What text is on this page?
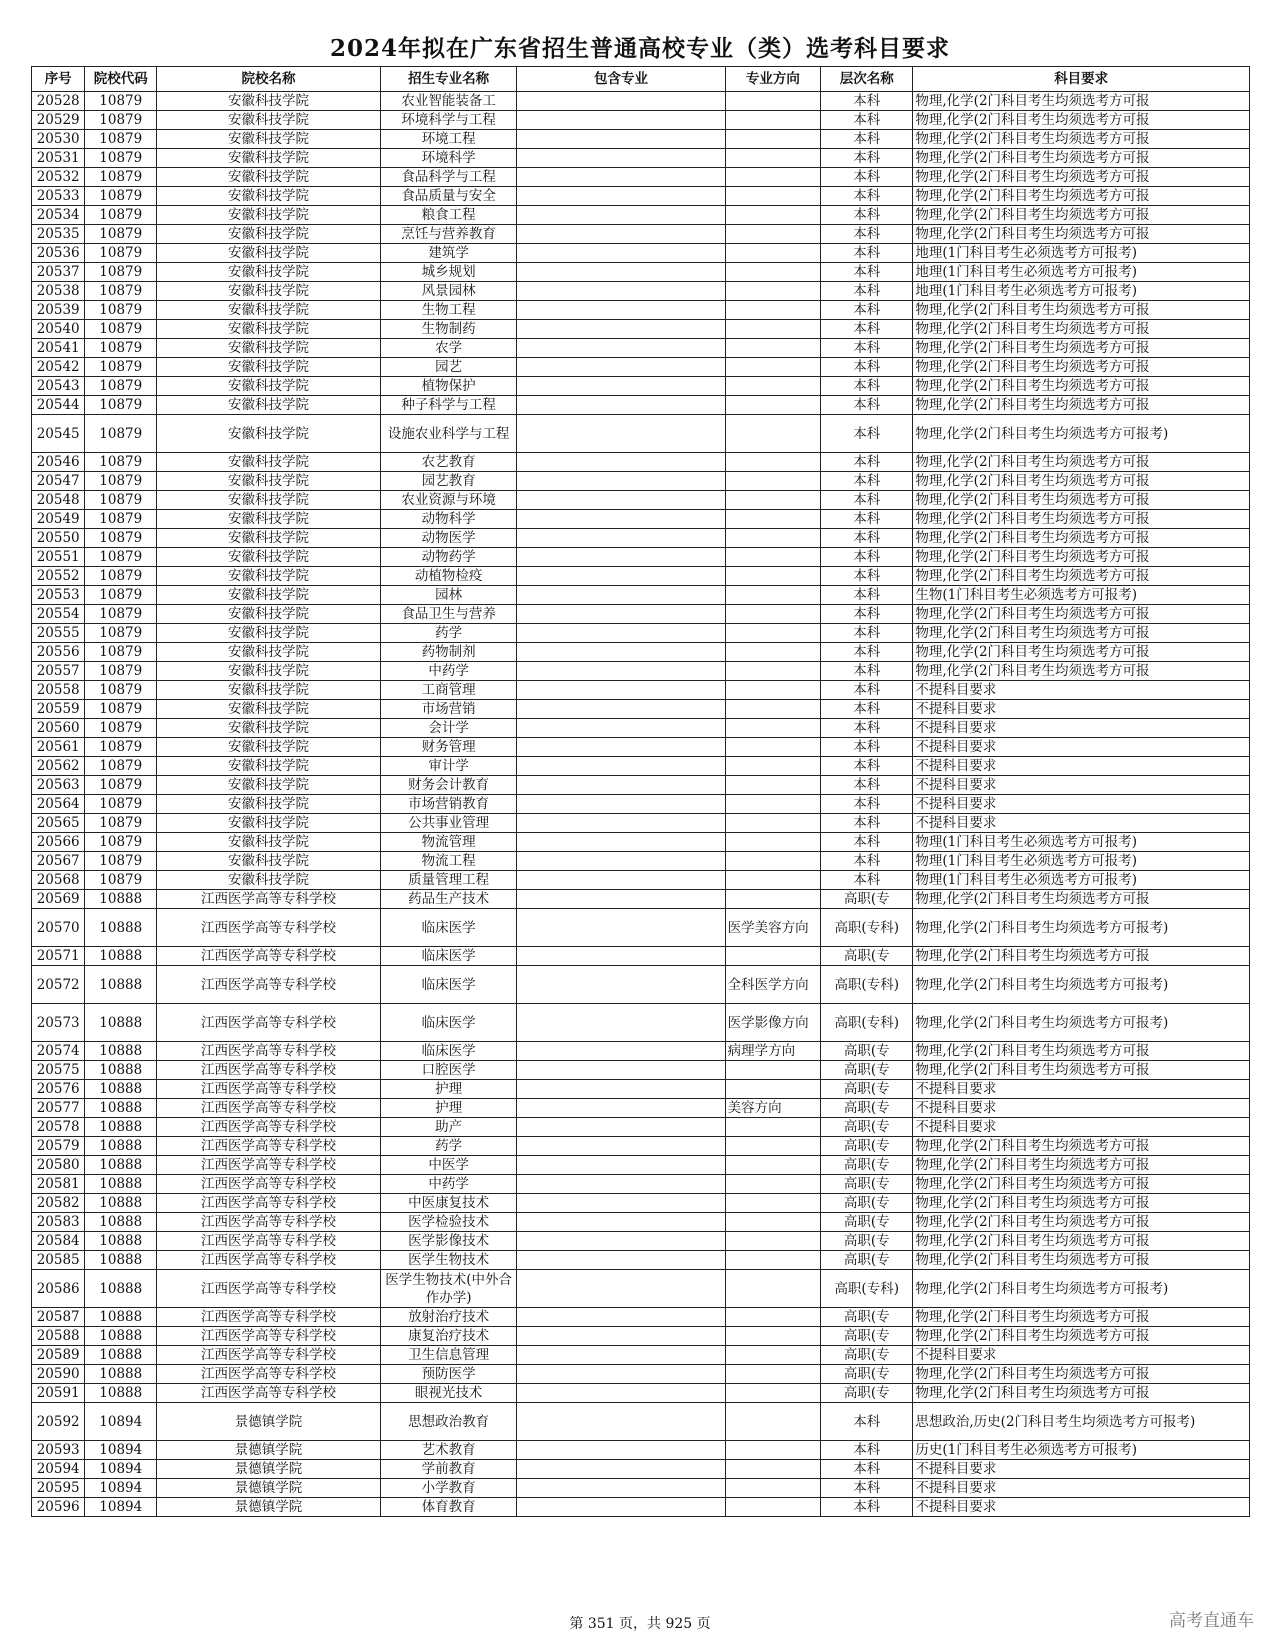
2024年拟在广东省招生普通高校专业（类）选考科目要求
序号	院校代码	院校名称	招生专业名称	包含专业	专业方向	层次名称	科目要求
20528	10879	安徽科技学院	农业智能装备工			本科	物理,化学(2门科目考生均须选考方可报
20529	10879	安徽科技学院	环境科学与工程			本科	物理,化学(2门科目考生均须选考方可报
20530	10879	安徽科技学院	环境工程			本科	物理,化学(2门科目考生均须选考方可报
20531	10879	安徽科技学院	环境科学			本科	物理,化学(2门科目考生均须选考方可报
20532	10879	安徽科技学院	食品科学与工程			本科	物理,化学(2门科目考生均须选考方可报
20533	10879	安徽科技学院	食品质量与安全			本科	物理,化学(2门科目考生均须选考方可报
20534	10879	安徽科技学院	粮食工程			本科	物理,化学(2门科目考生均须选考方可报
20535	10879	安徽科技学院	烹饪与营养教育			本科	物理,化学(2门科目考生均须选考方可报
20536	10879	安徽科技学院	建筑学			本科	地理(1门科目考生必须选考方可报考)
20537	10879	安徽科技学院	城乡规划			本科	地理(1门科目考生必须选考方可报考)
20538	10879	安徽科技学院	风景园林			本科	地理(1门科目考生必须选考方可报考)
20539	10879	安徽科技学院	生物工程			本科	物理,化学(2门科目考生均须选考方可报
20540	10879	安徽科技学院	生物制药			本科	物理,化学(2门科目考生均须选考方可报
20541	10879	安徽科技学院	农学			本科	物理,化学(2门科目考生均须选考方可报
20542	10879	安徽科技学院	园艺			本科	物理,化学(2门科目考生均须选考方可报
20543	10879	安徽科技学院	植物保护			本科	物理,化学(2门科目考生均须选考方可报
20544	10879	安徽科技学院	种子科学与工程			本科	物理,化学(2门科目考生均须选考方可报
20545	10879	安徽科技学院	设施农业科学与工程			本科	物理,化学(2门科目考生均须选考方可报考)
20546	10879	安徽科技学院	农艺教育			本科	物理,化学(2门科目考生均须选考方可报
20547	10879	安徽科技学院	园艺教育			本科	物理,化学(2门科目考生均须选考方可报
20548	10879	安徽科技学院	农业资源与环境			本科	物理,化学(2门科目考生均须选考方可报
20549	10879	安徽科技学院	动物科学			本科	物理,化学(2门科目考生均须选考方可报
20550	10879	安徽科技学院	动物医学			本科	物理,化学(2门科目考生均须选考方可报
20551	10879	安徽科技学院	动物药学			本科	物理,化学(2门科目考生均须选考方可报
20552	10879	安徽科技学院	动植物检疫			本科	物理,化学(2门科目考生均须选考方可报
20553	10879	安徽科技学院	园林			本科	生物(1门科目考生必须选考方可报考)
20554	10879	安徽科技学院	食品卫生与营养			本科	物理,化学(2门科目考生均须选考方可报
20555	10879	安徽科技学院	药学			本科	物理,化学(2门科目考生均须选考方可报
20556	10879	安徽科技学院	药物制剂			本科	物理,化学(2门科目考生均须选考方可报
20557	10879	安徽科技学院	中药学			本科	物理,化学(2门科目考生均须选考方可报
20558	10879	安徽科技学院	工商管理			本科	不提科目要求
20559	10879	安徽科技学院	市场营销			本科	不提科目要求
20560	10879	安徽科技学院	会计学			本科	不提科目要求
20561	10879	安徽科技学院	财务管理			本科	不提科目要求
20562	10879	安徽科技学院	审计学			本科	不提科目要求
20563	10879	安徽科技学院	财务会计教育			本科	不提科目要求
20564	10879	安徽科技学院	市场营销教育			本科	不提科目要求
20565	10879	安徽科技学院	公共事业管理			本科	不提科目要求
20566	10879	安徽科技学院	物流管理			本科	物理(1门科目考生必须选考方可报考)
20567	10879	安徽科技学院	物流工程			本科	物理(1门科目考生必须选考方可报考)
20568	10879	安徽科技学院	质量管理工程			本科	物理(1门科目考生必须选考方可报考)
20569	10888	江西医学高等专科学校	药品生产技术			高职(专	物理,化学(2门科目考生均须选考方可报
20570	10888	江西医学高等专科学校	临床医学		医学美容方向	高职(专科)	物理,化学(2门科目考生均须选考方可报考)
20571	10888	江西医学高等专科学校	临床医学			高职(专	物理,化学(2门科目考生均须选考方可报
20572	10888	江西医学高等专科学校	临床医学		全科医学方向	高职(专科)	物理,化学(2门科目考生均须选考方可报考)
20573	10888	江西医学高等专科学校	临床医学		医学影像方向	高职(专科)	物理,化学(2门科目考生均须选考方可报考)
20574	10888	江西医学高等专科学校	临床医学		病理学方向	高职(专	物理,化学(2门科目考生均须选考方可报
20575	10888	江西医学高等专科学校	口腔医学			高职(专	物理,化学(2门科目考生均须选考方可报
20576	10888	江西医学高等专科学校	护理			高职(专	不提科目要求
20577	10888	江西医学高等专科学校	护理		美容方向	高职(专	不提科目要求
20578	10888	江西医学高等专科学校	助产			高职(专	不提科目要求
20579	10888	江西医学高等专科学校	药学			高职(专	物理,化学(2门科目考生均须选考方可报
20580	10888	江西医学高等专科学校	中医学			高职(专	物理,化学(2门科目考生均须选考方可报
20581	10888	江西医学高等专科学校	中药学			高职(专	物理,化学(2门科目考生均须选考方可报
20582	10888	江西医学高等专科学校	中医康复技术			高职(专	物理,化学(2门科目考生均须选考方可报
20583	10888	江西医学高等专科学校	医学检验技术			高职(专	物理,化学(2门科目考生均须选考方可报
20584	10888	江西医学高等专科学校	医学影像技术			高职(专	物理,化学(2门科目考生均须选考方可报
20585	10888	江西医学高等专科学校	医学生物技术			高职(专	物理,化学(2门科目考生均须选考方可报
20586	10888	江西医学高等专科学校	医学生物技术(中外合作办学)			高职(专科)	物理,化学(2门科目考生均须选考方可报考)
20587	10888	江西医学高等专科学校	放射治疗技术			高职(专	物理,化学(2门科目考生均须选考方可报
20588	10888	江西医学高等专科学校	康复治疗技术			高职(专	物理,化学(2门科目考生均须选考方可报
20589	10888	江西医学高等专科学校	卫生信息管理			高职(专	不提科目要求
20590	10888	江西医学高等专科学校	预防医学			高职(专	物理,化学(2门科目考生均须选考方可报
20591	10888	江西医学高等专科学校	眼视光技术			高职(专	物理,化学(2门科目考生均须选考方可报
20592	10894	景德镇学院	思想政治教育			本科	思想政治,历史(2门科目考生均须选考方可报考)
20593	10894	景德镇学院	艺术教育			本科	历史(1门科目考生必须选考方可报考)
20594	10894	景德镇学院	学前教育			本科	不提科目要求
20595	10894	景德镇学院	小学教育			本科	不提科目要求
20596	10894	景德镇学院	体育教育			本科	不提科目要求
第 351 页，共 925 页	高考直通车
